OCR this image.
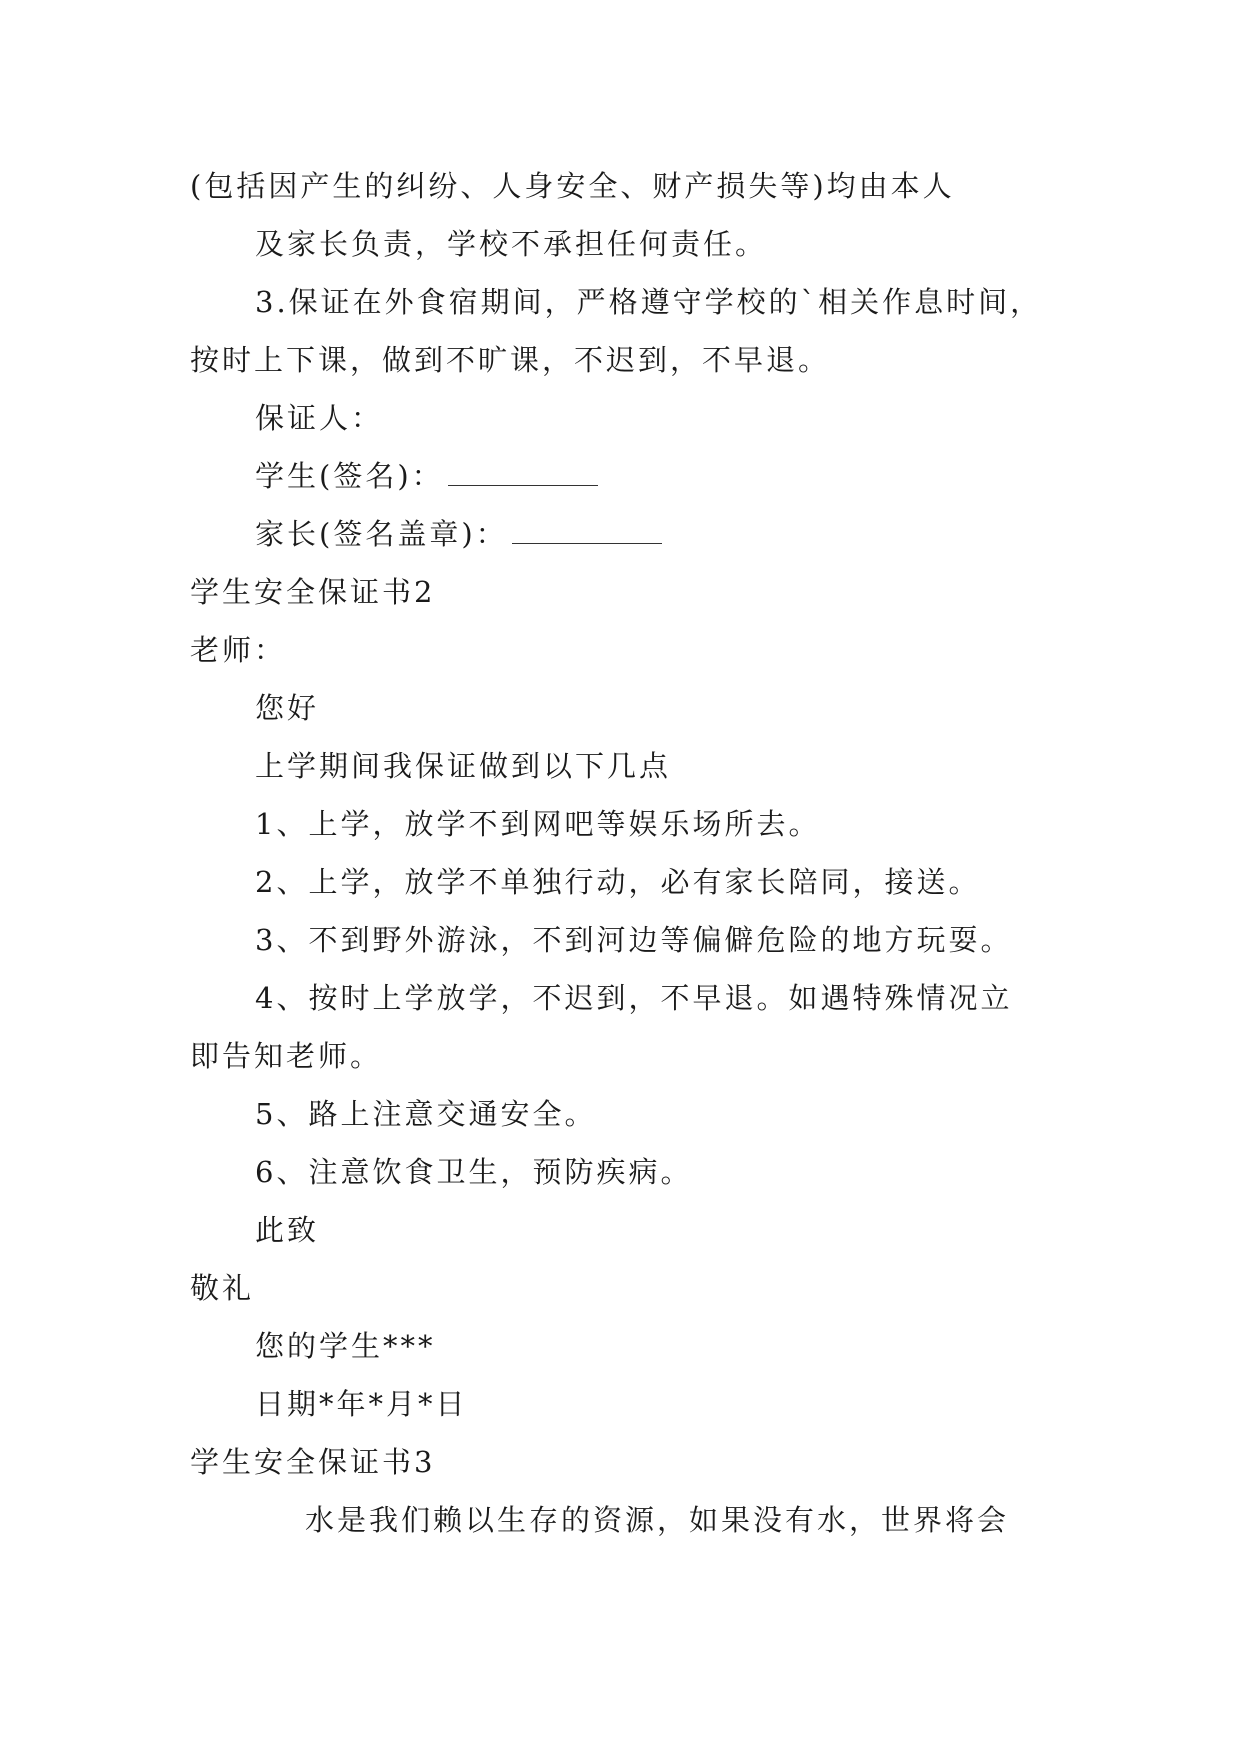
(包括因产生的纠纷、人身安全、财产损失等)均由本人
及家长负责，学校不承担任何责任。
3.保证在外食宿期间，严格遵守学校的`相关作息时间，
按时上下课，做到不旷课，不迟到，不早退。
保证人：
学生(签名)：
家长(签名盖章)：
学生安全保证书2
老师：
您好
上学期间我保证做到以下几点
1、上学，放学不到网吧等娱乐场所去。
2、上学，放学不单独行动，必有家长陪同，接送。
3、不到野外游泳，不到河边等偏僻危险的地方玩耍。
4、按时上学放学，不迟到，不早退。如遇特殊情况立
即告知老师。
5、路上注意交通安全。
6、注意饮食卫生，预防疾病。
此致
敬礼
您的学生***
日期*年*月*日
学生安全保证书3
水是我们赖以生存的资源，如果没有水，世界将会
